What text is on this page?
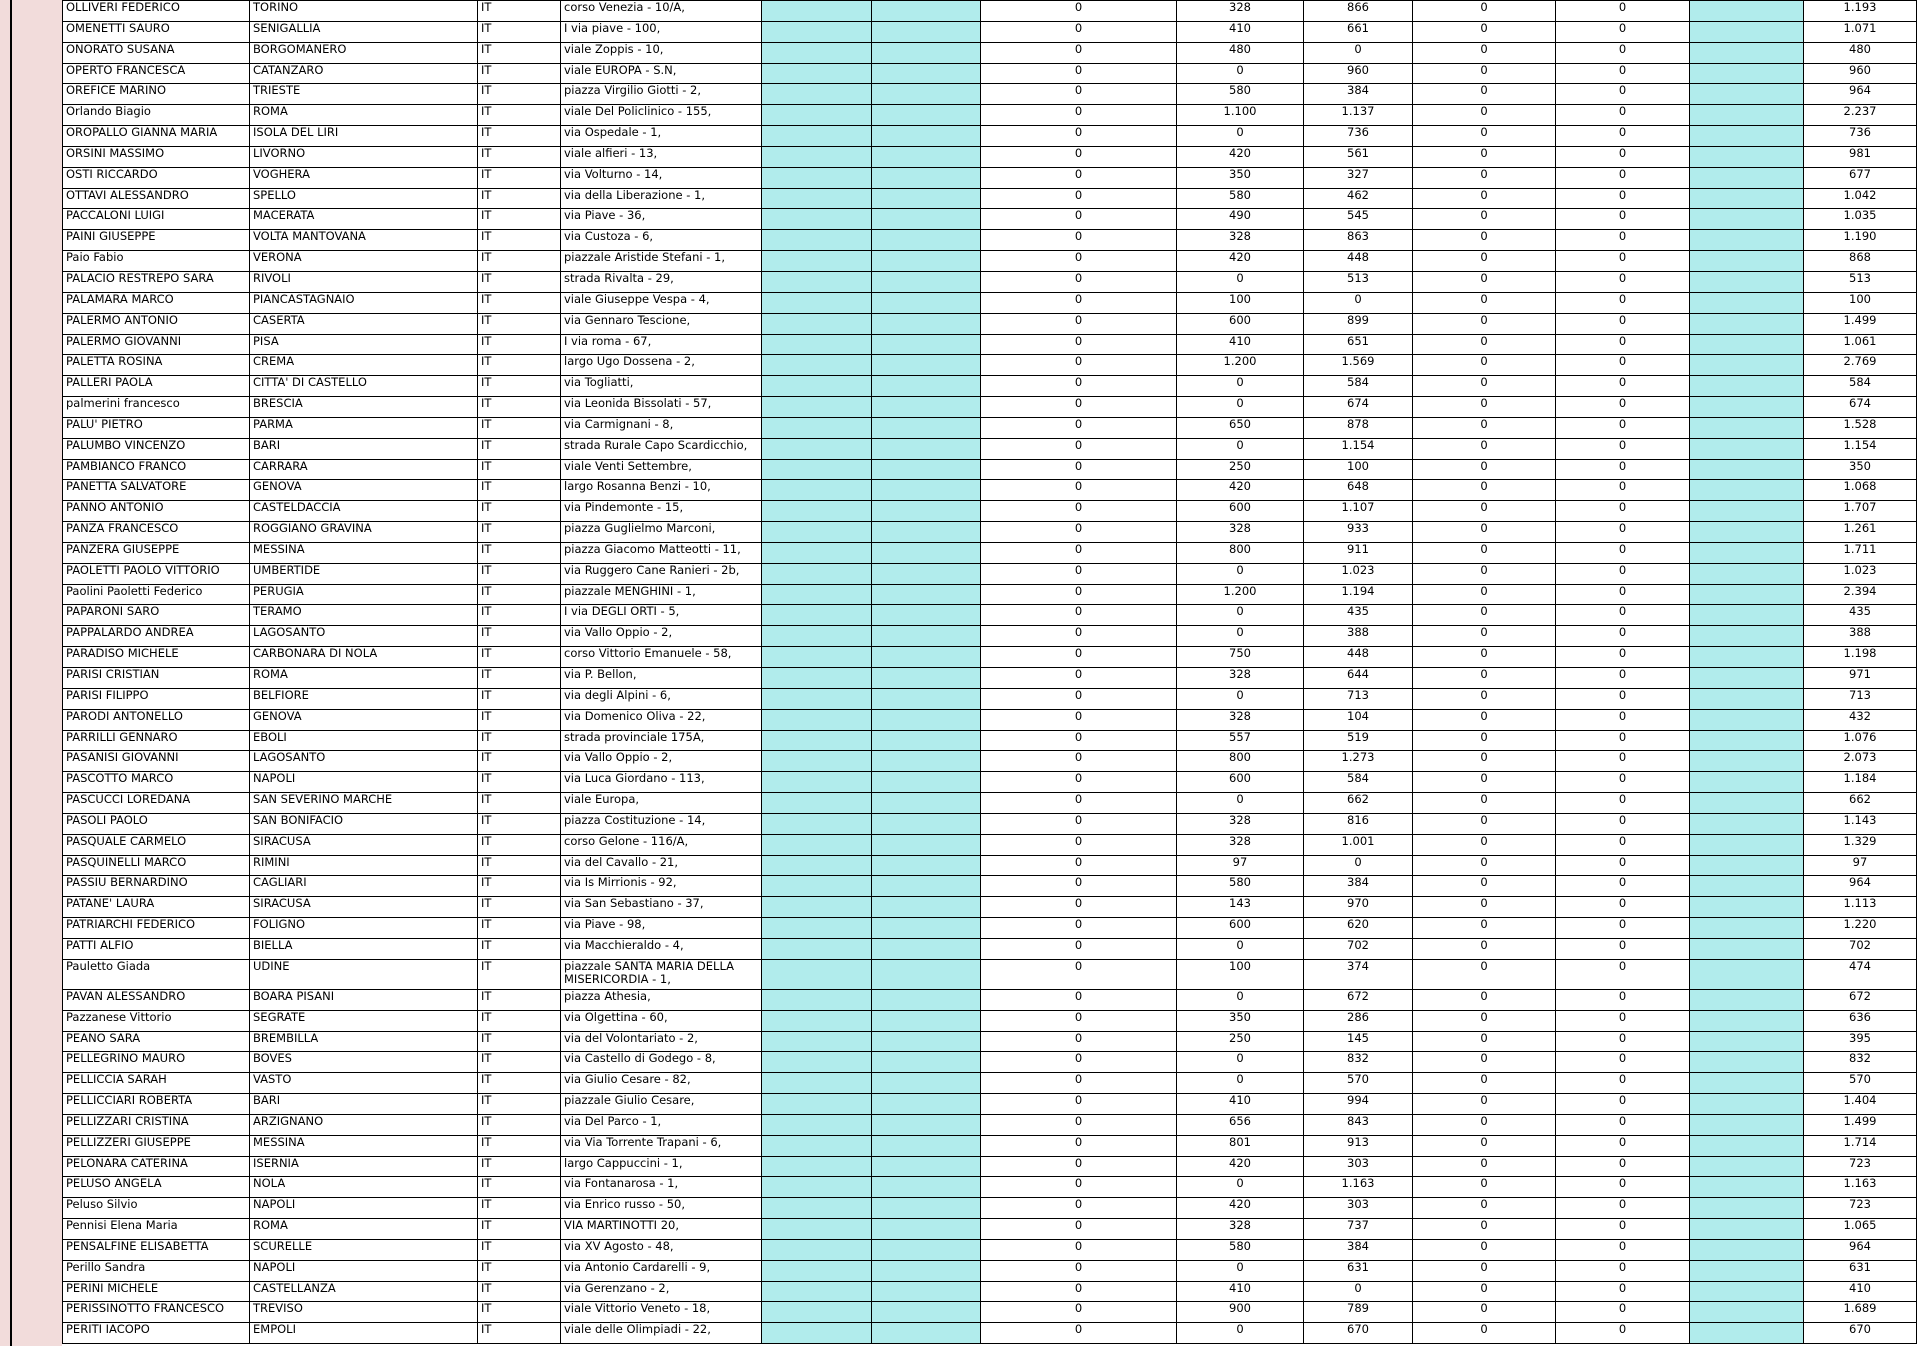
OLLIVERI FEDERICO	TORINO	IT	corso Venezia - 10/A,			0	328	866	0	0		1.193
OMENETTI SAURO	SENIGALLIA	IT	I via piave - 100,			0	410	661	0	0		1.071
ONORATO SUSANA	BORGOMANERO	IT	viale Zoppis - 10,			0	480	0	0	0		480
OPERTO FRANCESCA	CATANZARO	IT	viale EUROPA - S.N,			0	0	960	0	0		960
OREFICE MARINO	TRIESTE	IT	piazza Virgilio Giotti - 2,			0	580	384	0	0		964
Orlando Biagio	ROMA	IT	viale Del Policlinico - 155,			0	1.100	1.137	0	0		2.237
OROPALLO GIANNA MARIA	ISOLA DEL LIRI	IT	via Ospedale - 1,			0	0	736	0	0		736
ORSINI MASSIMO	LIVORNO	IT	viale alfieri - 13,			0	420	561	0	0		981
OSTI RICCARDO	VOGHERA	IT	via Volturno - 14,			0	350	327	0	0		677
OTTAVI ALESSANDRO	SPELLO	IT	via della Liberazione - 1,			0	580	462	0	0		1.042
PACCALONI LUIGI	MACERATA	IT	via Piave - 36,			0	490	545	0	0		1.035
PAINI GIUSEPPE	VOLTA MANTOVANA	IT	via Custoza - 6,			0	328	863	0	0		1.190
Paio Fabio	VERONA	IT	piazzale Aristide Stefani - 1,			0	420	448	0	0		868
PALACIO RESTREPO SARA	RIVOLI	IT	strada Rivalta - 29,			0	0	513	0	0		513
PALAMARA MARCO	PIANCASTAGNAIO	IT	viale Giuseppe Vespa - 4,			0	100	0	0	0		100
PALERMO ANTONIO	CASERTA	IT	via Gennaro Tescione,			0	600	899	0	0		1.499
PALERMO GIOVANNI	PISA	IT	I via roma - 67,			0	410	651	0	0		1.061
PALETTA ROSINA	CREMA	IT	largo Ugo Dossena - 2,			0	1.200	1.569	0	0		2.769
PALLERI PAOLA	CITTA' DI CASTELLO	IT	via Togliatti,			0	0	584	0	0		584
palmerini francesco	BRESCIA	IT	via Leonida Bissolati - 57,			0	0	674	0	0		674
PALU' PIETRO	PARMA	IT	via Carmignani - 8,			0	650	878	0	0		1.528
PALUMBO VINCENZO	BARI	IT	strada Rurale Capo Scardicchio,			0	0	1.154	0	0		1.154
PAMBIANCO FRANCO	CARRARA	IT	viale Venti Settembre,			0	250	100	0	0		350
PANETTA SALVATORE	GENOVA	IT	largo Rosanna Benzi - 10,			0	420	648	0	0		1.068
PANNO ANTONIO	CASTELDACCIA	IT	via Pindemonte - 15,			0	600	1.107	0	0		1.707
PANZA FRANCESCO	ROGGIANO GRAVINA	IT	piazza Guglielmo Marconi,			0	328	933	0	0		1.261
PANZERA GIUSEPPE	MESSINA	IT	piazza Giacomo Matteotti - 11,			0	800	911	0	0		1.711
PAOLETTI PAOLO VITTORIO	UMBERTIDE	IT	via Ruggero Cane Ranieri - 2b,			0	0	1.023	0	0		1.023
Paolini Paoletti Federico	PERUGIA	IT	piazzale MENGHINI - 1,			0	1.200	1.194	0	0		2.394
PAPARONI SARO	TERAMO	IT	I via DEGLI ORTI - 5,			0	0	435	0	0		435
PAPPALARDO ANDREA	LAGOSANTO	IT	via Vallo Oppio - 2,			0	0	388	0	0		388
PARADISO MICHELE	CARBONARA DI NOLA	IT	corso Vittorio Emanuele - 58,			0	750	448	0	0		1.198
PARISI CRISTIAN	ROMA	IT	via P. Bellon,			0	328	644	0	0		971
PARISI FILIPPO	BELFIORE	IT	via degli Alpini - 6,			0	0	713	0	0		713
PARODI ANTONELLO	GENOVA	IT	via Domenico Oliva - 22,			0	328	104	0	0		432
PARRILLI GENNARO	EBOLI	IT	strada provinciale 175A,			0	557	519	0	0		1.076
PASANISI GIOVANNI	LAGOSANTO	IT	via Vallo Oppio - 2,			0	800	1.273	0	0		2.073
PASCOTTO MARCO	NAPOLI	IT	via Luca Giordano - 113,			0	600	584	0	0		1.184
PASCUCCI LOREDANA	SAN SEVERINO MARCHE	IT	viale Europa,			0	0	662	0	0		662
PASOLI PAOLO	SAN BONIFACIO	IT	piazza Costituzione - 14,			0	328	816	0	0		1.143
PASQUALE CARMELO	SIRACUSA	IT	corso Gelone - 116/A,			0	328	1.001	0	0		1.329
PASQUINELLI MARCO	RIMINI	IT	via del Cavallo - 21,			0	97	0	0	0		97
PASSIU BERNARDINO	CAGLIARI	IT	via Is Mirrionis - 92,			0	580	384	0	0		964
PATANE' LAURA	SIRACUSA	IT	via San Sebastiano - 37,			0	143	970	0	0		1.113
PATRIARCHI FEDERICO	FOLIGNO	IT	via Piave - 98,			0	600	620	0	0		1.220
PATTI ALFIO	BIELLA	IT	via Macchieraldo - 4,			0	0	702	0	0		702
Pauletto Giada	UDINE	IT	piazzale SANTA MARIA DELLA MISERICORDIA - 1,			0	100	374	0	0		474
PAVAN ALESSANDRO	BOARA PISANI	IT	piazza Athesia,			0	0	672	0	0		672
Pazzanese Vittorio	SEGRATE	IT	via Olgettina - 60,			0	350	286	0	0		636
PEANO SARA	BREMBILLA	IT	via del Volontariato - 2,			0	250	145	0	0		395
PELLEGRINO MAURO	BOVES	IT	via Castello di Godego - 8,			0	0	832	0	0		832
PELLICCIA SARAH	VASTO	IT	via Giulio Cesare - 82,			0	0	570	0	0		570
PELLICCIARI ROBERTA	BARI	IT	piazzale Giulio Cesare,			0	410	994	0	0		1.404
PELLIZZARI CRISTINA	ARZIGNANO	IT	via Del Parco - 1,			0	656	843	0	0		1.499
PELLIZZERI GIUSEPPE	MESSINA	IT	via Via Torrente Trapani - 6,			0	801	913	0	0		1.714
PELONARA CATERINA	ISERNIA	IT	largo Cappuccini - 1,			0	420	303	0	0		723
PELUSO ANGELA	NOLA	IT	via Fontanarosa - 1,			0	0	1.163	0	0		1.163
Peluso Silvio	NAPOLI	IT	via Enrico russo - 50,			0	420	303	0	0		723
Pennisi Elena Maria	ROMA	IT	VIA MARTINOTTI 20,			0	328	737	0	0		1.065
PENSALFINE ELISABETTA	SCURELLE	IT	via XV Agosto - 48,			0	580	384	0	0		964
Perillo Sandra	NAPOLI	IT	via Antonio Cardarelli - 9,			0	0	631	0	0		631
PERINI MICHELE	CASTELLANZA	IT	via Gerenzano - 2,			0	410	0	0	0		410
PERISSINOTTO FRANCESCO	TREVISO	IT	viale Vittorio Veneto - 18,			0	900	789	0	0		1.689
PERITI IACOPO	EMPOLI	IT	viale delle Olimpiadi - 22,			0	0	670	0	0		670
